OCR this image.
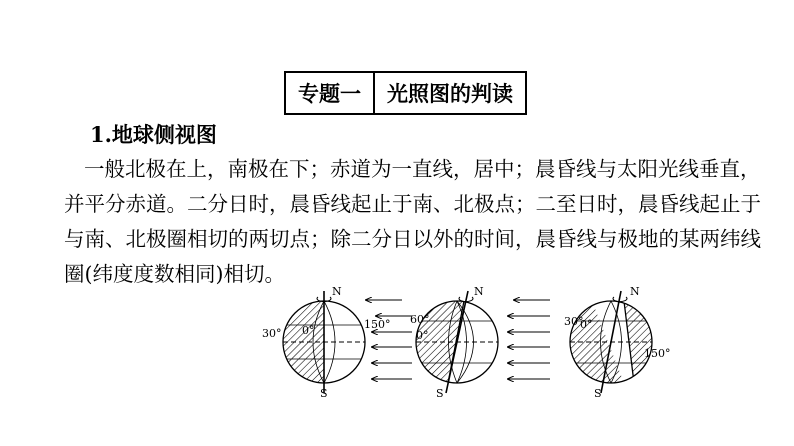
专题一	光照图的判读
1.地球侧视图
一般北极在上，南极在下；赤道为一直线，居中；晨昏线与太阳光线垂直，
并平分赤道。二分日时，晨昏线起止于南、北极点；二至日时，晨昏线起止于
与南、北极圈相切的两切点；除二分日以外的时间，晨昏线与极地的某两纬线
圈(纬度度数相同)相切。
N
S
0°
30°
150°
N
S
0°
60°
N
S
0°
30°
150°
